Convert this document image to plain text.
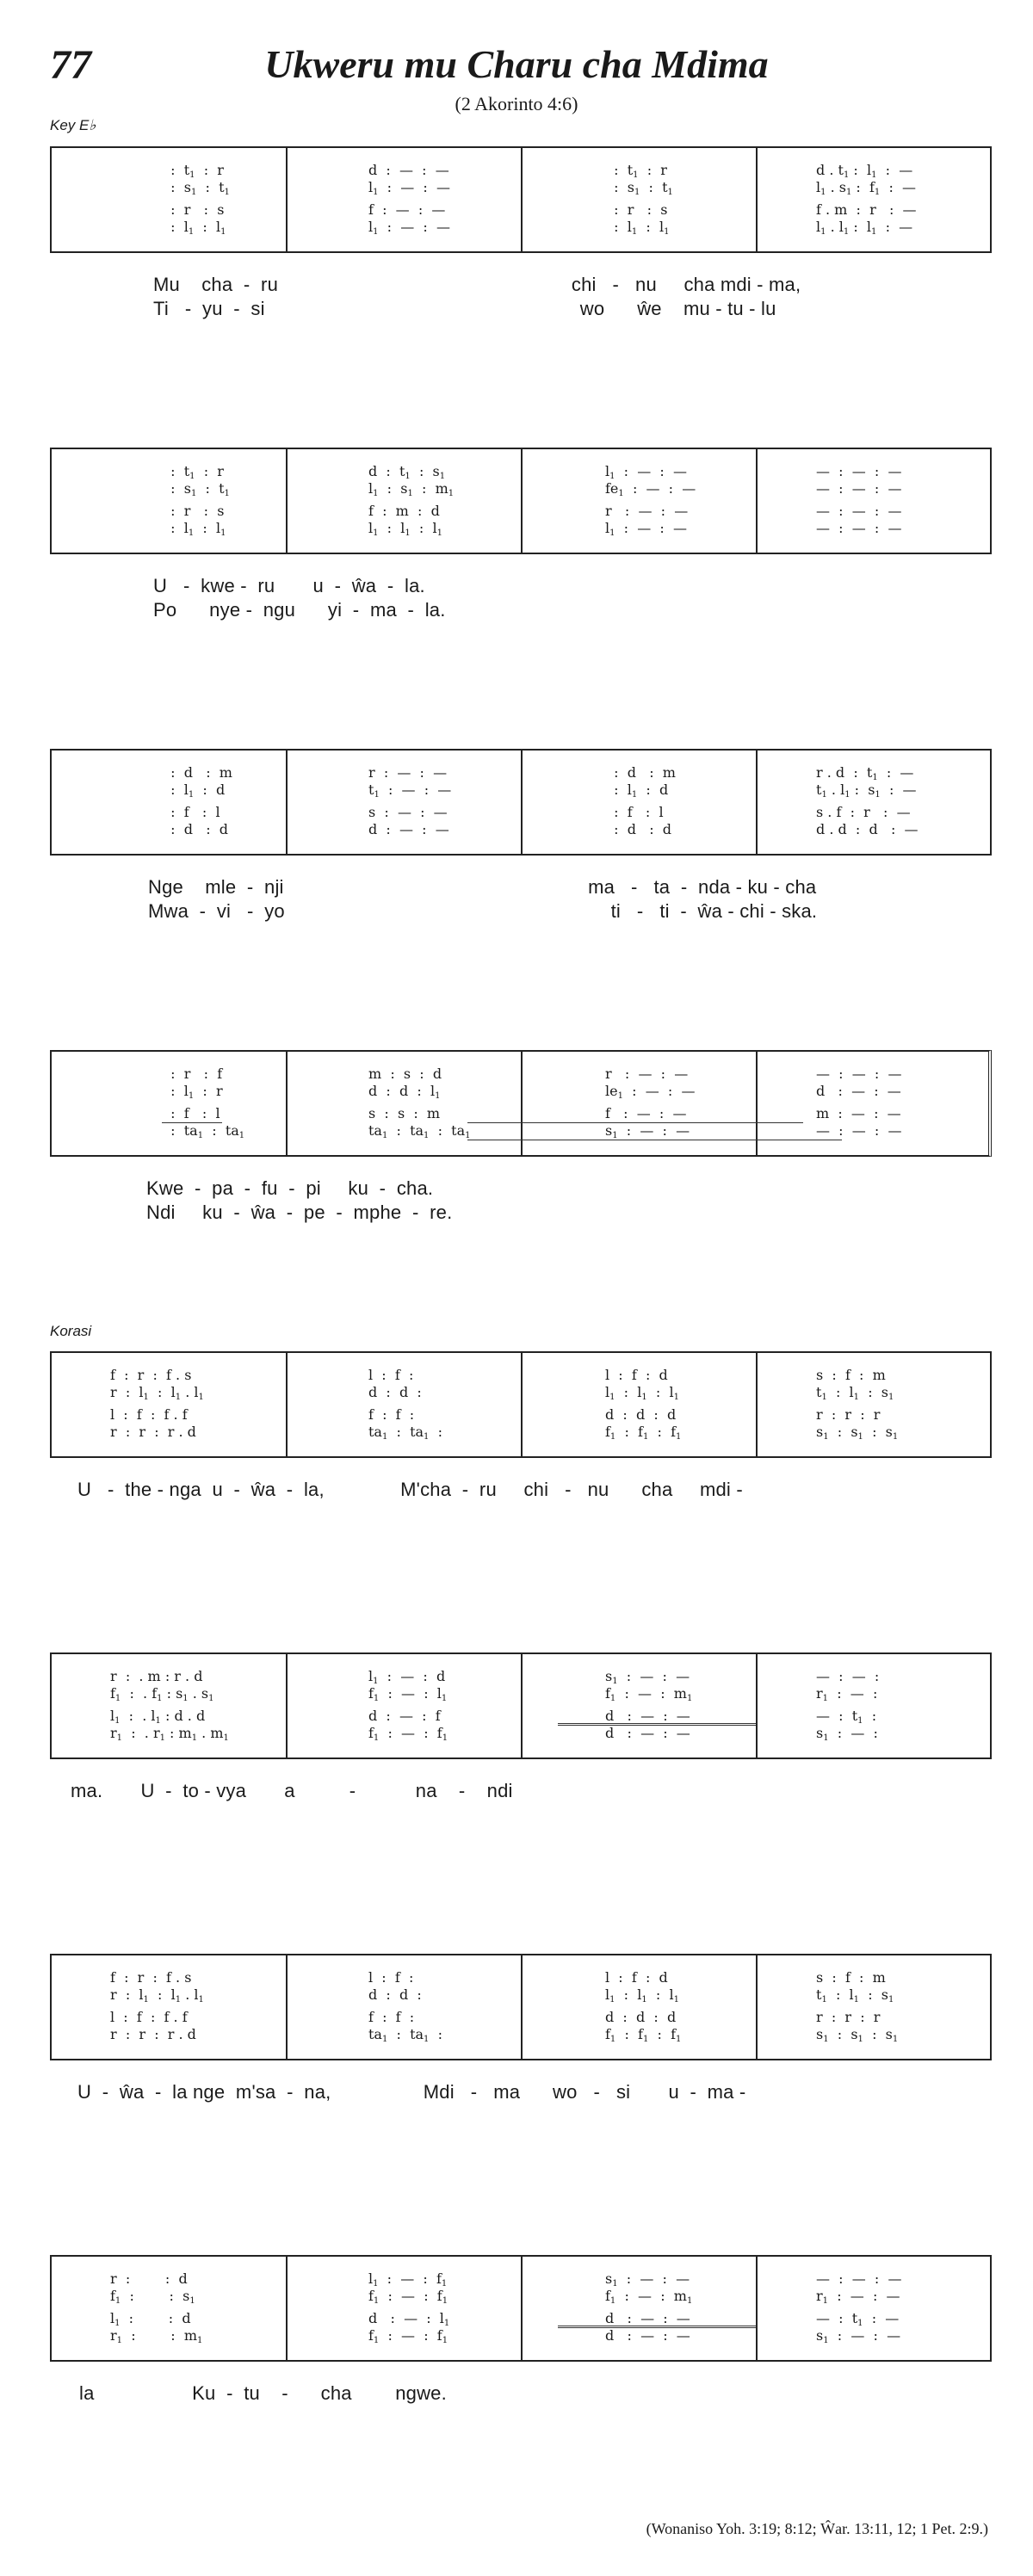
77	Ukweru mu Charu cha Mdima
(2 Akorinto 4:6)
Key E♭
Korasi
:  $t_1$  :  r
:  $s_1$  :  $t_1$
:  r   :  s
:  $l_1$  :  $l_1$
d  :  —  :  —
$l_1$  :  —  :  —
f  :  —  :  —
$l_1$  :  —  :  —
:  $t_1$  :  r
:  $s_1$  :  $t_1$
:  r   :  s
:  $l_1$  :  $l_1$
d . $t_1$ :  $l_1$  :  —
$l_1$ . $s_1$ :  $f_1$  :  —
f . m  :  r   :  —
$l_1$ . $l_1$ :  $l_1$  :  —
Mu    cha  -  ru                                                      chi   -   nu     cha mdi - ma,
Ti   -  yu  -  si                                                          wo      ŵe    mu - tu - lu
:  $t_1$  :  r
:  $s_1$  :  $t_1$
:  r   :  s
:  $l_1$  :  $l_1$
d  :  $t_1$  :  $s_1$
$l_1$  :  $s_1$  :  $m_1$
f  :  m  :  d
$l_1$  :  $l_1$  :  $l_1$
$l_1$  :  —  :  —
$fe_1$  :  —  :  —
r   :  —  :  —
$l_1$  :  —  :  —
—  :  —  :  —
—  :  —  :  —
—  :  —  :  —
—  :  —  :  —
U   -  kwe -  ru       u  -  ŵa  -  la.
Po      nye -  ngu      yi  -  ma  -  la.
:  d   :  m
:  $l_1$  :  d
:  f   :  l
:  d   :  d
r  :  —  :  —
$t_1$  :  —  :  —
s  :  —  :  —
d  :  —  :  —
:  d   :  m
:  $l_1$  :  d
:  f   :  l
:  d   :  d
r . d  :  $t_1$  :  —
$t_1$ . $l_1$ :  $s_1$  :  —
s . f  :  r   :  —
d . d  :  d   :  —
Nge    mle  -  nji                                                        ma   -   ta  -  nda - ku - cha
Mwa  -  vi   -  yo                                                            ti   -   ti  -  ŵa - chi - ska.
:  r   :  f
:  $l_1$  :  r
:  f   :  l
:  $ta_1$  :  $ta_1$
m  :  s  :  d
d  :  d  :  $l_1$
s  :  s  :  m
$ta_1$  :  $ta_1$  :  $ta_1$
r   :  —  :  —
$le_1$  :  —  :  —
f   :  —  :  —
$s_1$  :  —  :  —
—  :  —  :  —
d   :  —  :  —
m  :  —  :  —
—  :  —  :  —
Kwe  -  pa  -  fu  -  pi     ku  -  cha.
Ndi     ku  -  ŵa  -  pe  -  mphe  -  re.
f  :  r  :  f . s
r  :  $l_1$  :  $l_1$ . $l_1$
l  :  f  :  f . f
r  :  r  :  r . d
l  :  f  :
d  :  d  :
f  :  f  :
$ta_1$  :  $ta_1$  :
l  :  f  :  d
$l_1$  :  $l_1$  :  $l_1$
d  :  d  :  d
$f_1$  :  $f_1$  :  $f_1$
s  :  f  :  m
$t_1$  :  $l_1$  :  $s_1$
r  :  r  :  r
$s_1$  :  $s_1$  :  $s_1$
U   -  the - nga  u  -  ŵa  -  la,              M'cha  -  ru     chi   -   nu      cha     mdi -
r  :  . m : r . d
$f_1$  :  . $f_1$ : $s_1$ . $s_1$
$l_1$  :  . $l_1$ : d . d
$r_1$  :  . $r_1$ : $m_1$ . $m_1$
$l_1$  :  —  :  d
$f_1$  :  —  :  $l_1$
d  :  —  :  f
$f_1$  :  —  :  $f_1$
$s_1$  :  —  :  —
$f_1$  :  —  :  $m_1$
d   :  —  :  —
d   :  —  :  —
—  :  —  :
$r_1$  :  —  :
—  :  $t_1$  :
$s_1$  :  —  :
ma.       U  -  to - vya       a          -           na    -    ndi
f  :  r  :  f . s
r  :  $l_1$  :  $l_1$ . $l_1$
l  :  f  :  f . f
r  :  r  :  r . d
l  :  f  :
d  :  d  :
f  :  f  :
$ta_1$  :  $ta_1$  :
l  :  f  :  d
$l_1$  :  $l_1$  :  $l_1$
d  :  d  :  d
$f_1$  :  $f_1$  :  $f_1$
s  :  f  :  m
$t_1$  :  $l_1$  :  $s_1$
r  :  r  :  r
$s_1$  :  $s_1$  :  $s_1$
U  -  ŵa  -  la nge  m'sa  -  na,                 Mdi   -   ma      wo   -   si       u  -  ma -
r  :        :  d
$f_1$  :        :  $s_1$
$l_1$  :        :  d
$r_1$  :        :  $m_1$
$l_1$  :  —  :  $f_1$
$f_1$  :  —  :  $f_1$
d   :  —  :  $l_1$
$f_1$  :  —  :  $f_1$
$s_1$  :  —  :  —
$f_1$  :  —  :  $m_1$
d   :  —  :  —
d   :  —  :  —
—  :  —  :  —
$r_1$  :  —  :  —
—  :  $t_1$  :  —
$s_1$  :  —  :  —
la                  Ku  -  tu    -      cha        ngwe.
(Wonaniso Yoh. 3:19; 8:12; Ŵar. 13:11, 12; 1 Pet. 2:9.)
